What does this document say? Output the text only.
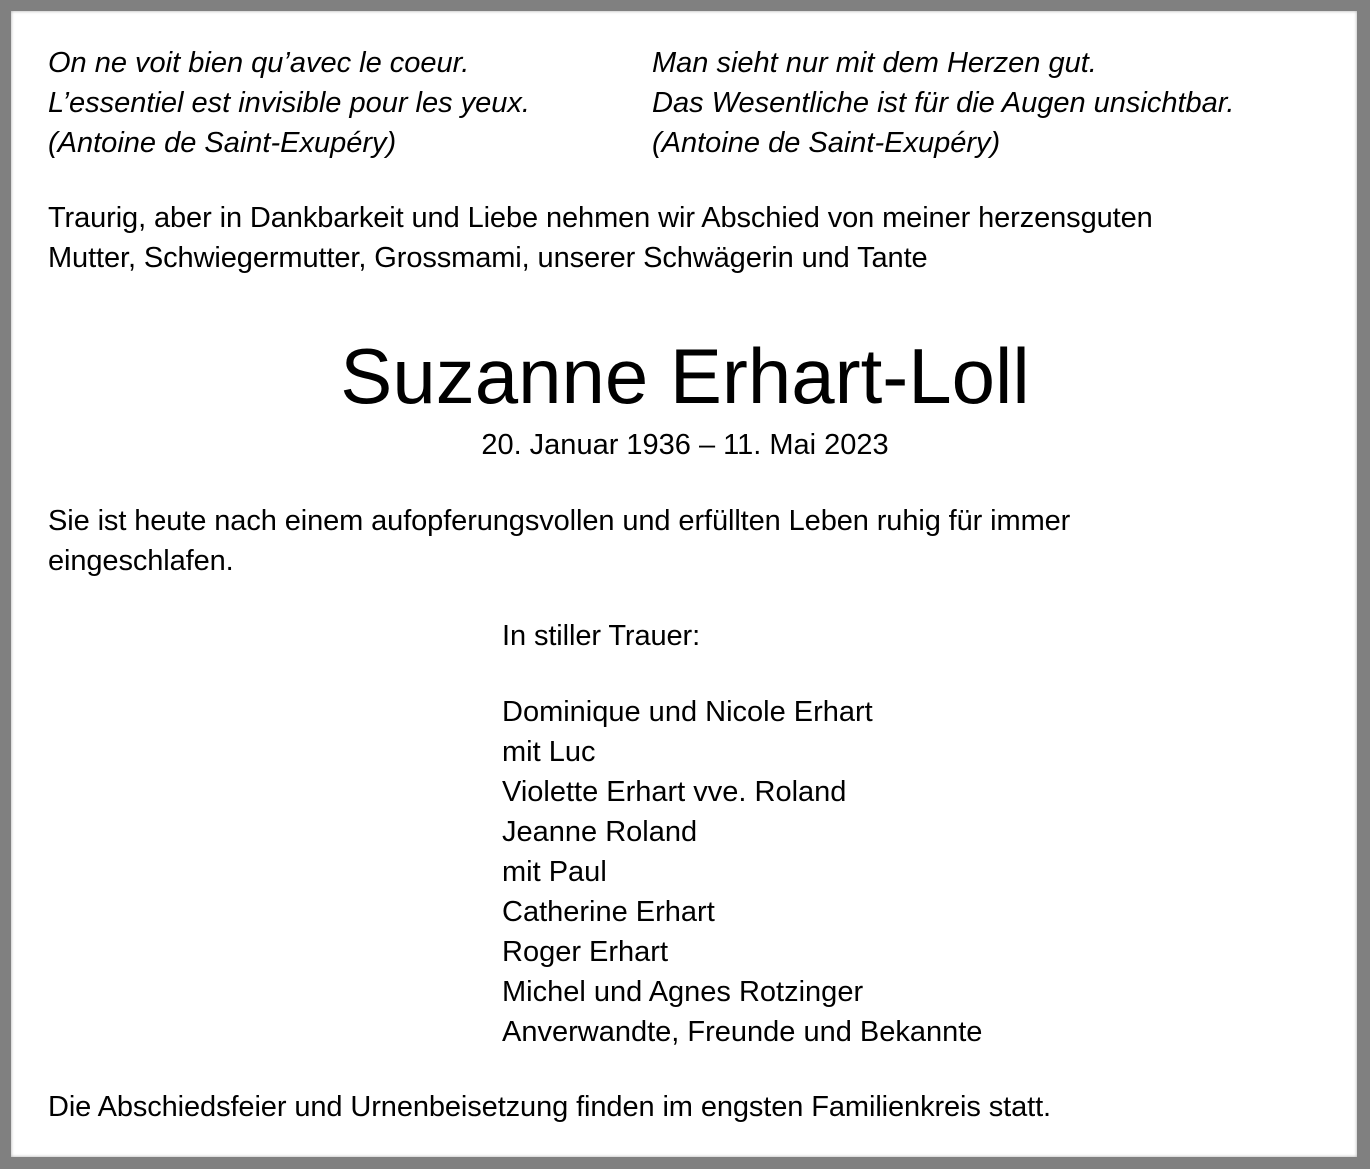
On ne voit bien qu’avec le coeur.
L’essentiel est invisible pour les yeux.
(Antoine de Saint-Exupéry)
Man sieht nur mit dem Herzen gut.
Das Wesentliche ist für die Augen unsichtbar.
(Antoine de Saint-Exupéry)
Traurig, aber in Dankbarkeit und Liebe nehmen wir Abschied von meiner herzensguten
Mutter, Schwiegermutter, Grossmami, unserer Schwägerin und Tante
Suzanne Erhart-Loll
20. Januar 1936 – 11. Mai 2023
Sie ist heute nach einem aufopferungsvollen und erfüllten Leben ruhig für immer
eingeschlafen.
In stiller Trauer:
Dominique und Nicole Erhart
mit Luc
Violette Erhart vve. Roland
Jeanne Roland
mit Paul
Catherine Erhart
Roger Erhart
Michel und Agnes Rotzinger
Anverwandte, Freunde und Bekannte
Die Abschiedsfeier und Urnenbeisetzung finden im engsten Familienkreis statt.
